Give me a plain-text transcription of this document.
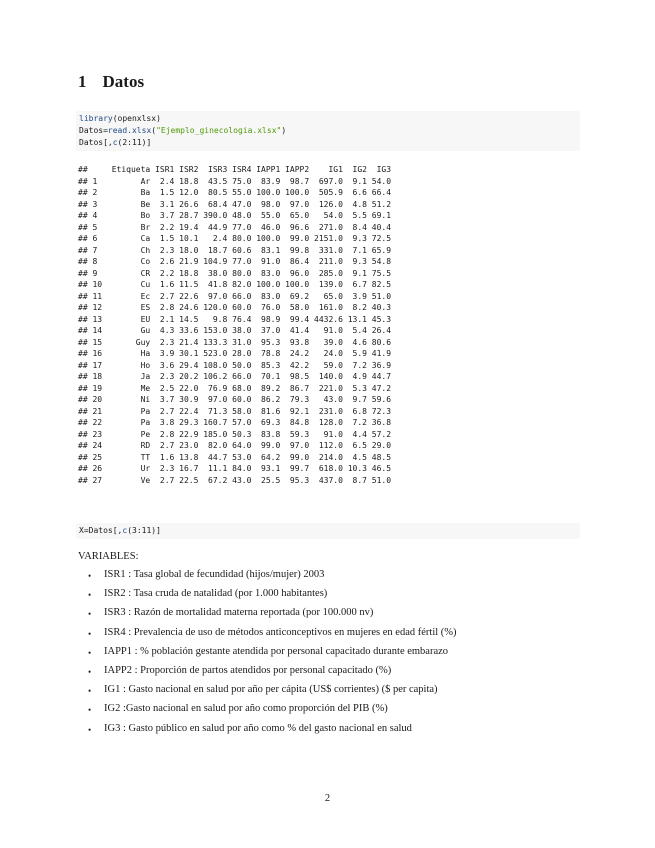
1 Datos
library(openxlsx)
Datos=read.xlsx("Ejemplo_ginecologia.xlsx")
Datos[,c(2:11)]
##     Etiqueta ISR1 ISR2  ISR3 ISR4 IAPP1 IAPP2    IG1  IG2  IG3
## 1         Ar  2.4 18.8  43.5 75.0  83.9  98.7  697.0  9.1 54.0
## 2         Ba  1.5 12.0  80.5 55.0 100.0 100.0  505.9  6.6 66.4
## 3         Be  3.1 26.6  68.4 47.0  98.0  97.0  126.0  4.8 51.2
## 4         Bo  3.7 28.7 390.0 48.0  55.0  65.0   54.0  5.5 69.1
## 5         Br  2.2 19.4  44.9 77.0  46.0  96.6  271.0  8.4 40.4
## 6         Ca  1.5 10.1   2.4 80.0 100.0  99.0 2151.0  9.3 72.5
## 7         Ch  2.3 18.0  18.7 60.6  83.1  99.8  331.0  7.1 65.9
## 8         Co  2.6 21.9 104.9 77.0  91.0  86.4  211.0  9.3 54.8
## 9         CR  2.2 18.8  38.0 80.0  83.0  96.0  285.0  9.1 75.5
## 10        Cu  1.6 11.5  41.8 82.0 100.0 100.0  139.0  6.7 82.5
## 11        Ec  2.7 22.6  97.0 66.0  83.0  69.2   65.0  3.9 51.0
## 12        ES  2.8 24.6 120.0 60.0  76.0  58.0  161.0  8.2 40.3
## 13        EU  2.1 14.5   9.8 76.4  98.9  99.4 4432.6 13.1 45.3
## 14        Gu  4.3 33.6 153.0 38.0  37.0  41.4   91.0  5.4 26.4
## 15       Guy  2.3 21.4 133.3 31.0  95.3  93.8   39.0  4.6 80.6
## 16        Ha  3.9 30.1 523.0 28.0  78.8  24.2   24.0  5.9 41.9
## 17        Ho  3.6 29.4 108.0 50.0  85.3  42.2   59.0  7.2 36.9
## 18        Ja  2.3 20.2 106.2 66.0  70.1  98.5  140.0  4.9 44.7
## 19        Me  2.5 22.0  76.9 68.0  89.2  86.7  221.0  5.3 47.2
## 20        Ni  3.7 30.9  97.0 60.0  86.2  79.3   43.0  9.7 59.6
## 21        Pa  2.7 22.4  71.3 58.0  81.6  92.1  231.0  6.8 72.3
## 22        Pa  3.8 29.3 160.7 57.0  69.3  84.8  128.0  7.2 36.8
## 23        Pe  2.8 22.9 185.0 50.3  83.8  59.3   91.0  4.4 57.2
## 24        RD  2.7 23.0  82.0 64.0  99.0  97.0  112.0  6.5 29.0
## 25        TT  1.6 13.8  44.7 53.0  64.2  99.0  214.0  4.5 48.5
## 26        Ur  2.3 16.7  11.1 84.0  93.1  99.7  618.0 10.3 46.5
## 27        Ve  2.7 22.5  67.2 43.0  25.5  95.3  437.0  8.7 51.0
X=Datos[,c(3:11)]
VARIABLES:
• ISR1 : Tasa global de fecundidad (hijos/mujer) 2003
• ISR2 : Tasa cruda de natalidad (por 1.000 habitantes)
• ISR3 : Razón de mortalidad materna reportada (por 100.000 nv)
• ISR4 : Prevalencia de uso de métodos anticonceptivos en mujeres en edad fértil (%)
• IAPP1 : % población gestante atendida por personal capacitado durante embarazo
• IAPP2 : Proporción de partos atendidos por personal capacitado (%)
• IG1 : Gasto nacional en salud por año per cápita (US$ corrientes) ($ per capita)
• IG2 :Gasto nacional en salud por año como proporción del PIB (%)
• IG3 : Gasto público en salud por año como % del gasto nacional en salud
2
